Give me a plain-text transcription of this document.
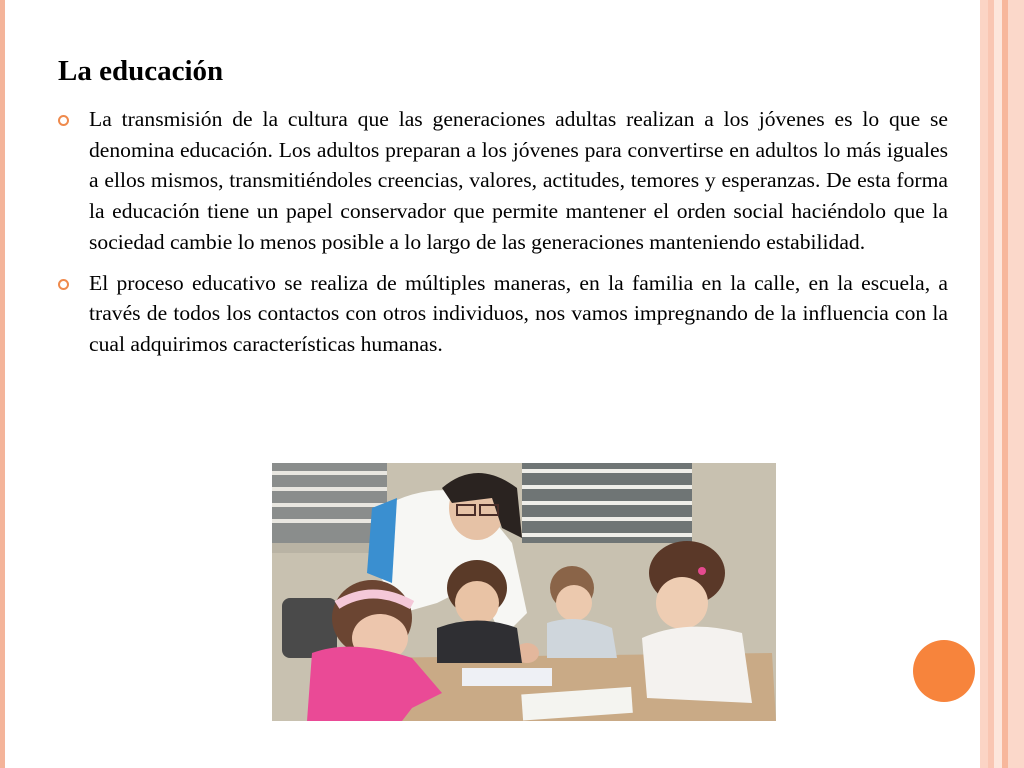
La educación
La transmisión de la cultura que las generaciones adultas realizan a los jóvenes es lo que se denomina educación. Los adultos preparan a los jóvenes para convertirse en adultos lo más iguales a ellos mismos, transmitiéndoles creencias, valores, actitudes, temores y esperanzas. De esta forma la educación tiene un papel conservador que permite mantener el orden social haciéndolo que la sociedad cambie lo menos posible a lo largo de las generaciones manteniendo estabilidad.
El proceso educativo se realiza de múltiples maneras, en la familia en la calle, en la escuela, a través de todos los contactos con otros individuos, nos vamos impregnando de la influencia con la cual adquirimos características humanas.
